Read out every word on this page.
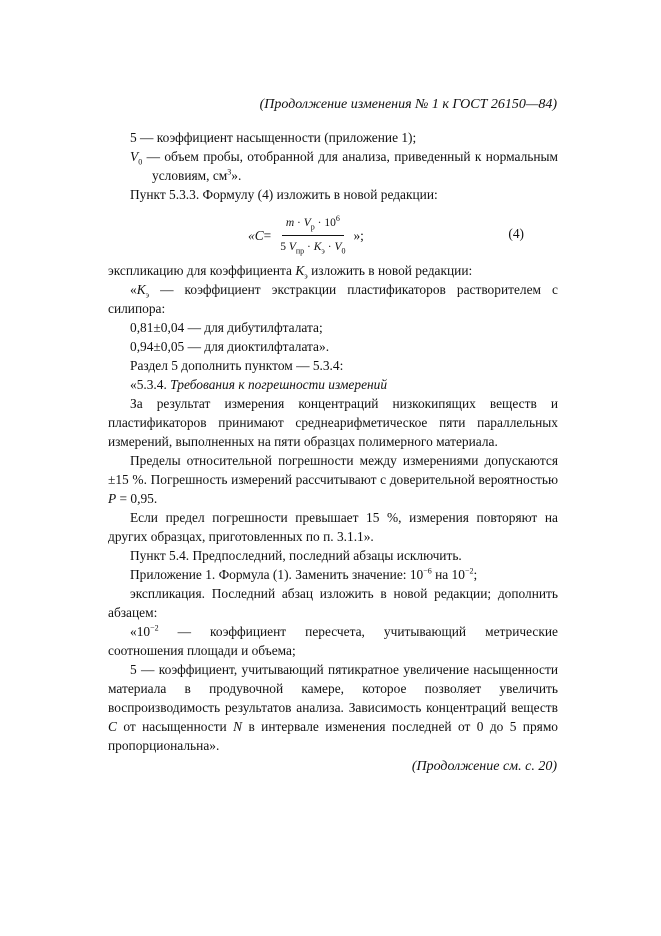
(Продолжение изменения № 1 к ГОСТ 26150—84)

5 — коэффициент насыщенности (приложение 1);

$V_0$ — объем пробы, отобранной для анализа, приведенный к нормальным условиям, $см^3$».

Пункт 5.3.3. Формулу (4) изложить в новой редакции:

« $C = \frac{m \cdot V_р \cdot 10^6}{5 V_{пр} \cdot K_э \cdot V_0}$ »;	(4)

экспликацию для коэффициента $K_э$ изложить в новой редакции:

«$K_э$ — коэффициент экстракции пластификаторов растворителем с силипора:

0,81±0,04 — для дибутилфталата;

0,94±0,05 — для диоктилфталата».

Раздел 5 дополнить пунктом — 5.3.4:

«5.3.4. Требования к погрешности измерений

За результат измерения концентраций низкокипящих веществ и пластификаторов принимают среднеарифметическое пяти параллельных измерений, выполненных на пяти образцах полимерного материала.

Пределы относительной погрешности между измерениями допускаются ±15 %. Погрешность измерений рассчитывают с доверительной вероятностью P = 0,95.

Если предел погрешности превышает 15 %, измерения повторяют на других образцах, приготовленных по п. 3.1.1».

Пункт 5.4. Предпоследний, последний абзацы исключить.

Приложение 1. Формула (1). Заменить значение: $10^{-6}$ на $10^{-2}$;

экспликация. Последний абзац изложить в новой редакции; дополнить абзацем:

«$10^{-2}$ — коэффициент пересчета, учитывающий метрические соотношения площади и объема;

5 — коэффициент, учитывающий пятикратное увеличение насыщенности материала в продувочной камере, которое позволяет увеличить воспроизводимость результатов анализа. Зависимость концентраций веществ C от насыщенности N в интервале изменения последней от 0 до 5 прямо пропорциональна».

(Продолжение см. с. 20)
